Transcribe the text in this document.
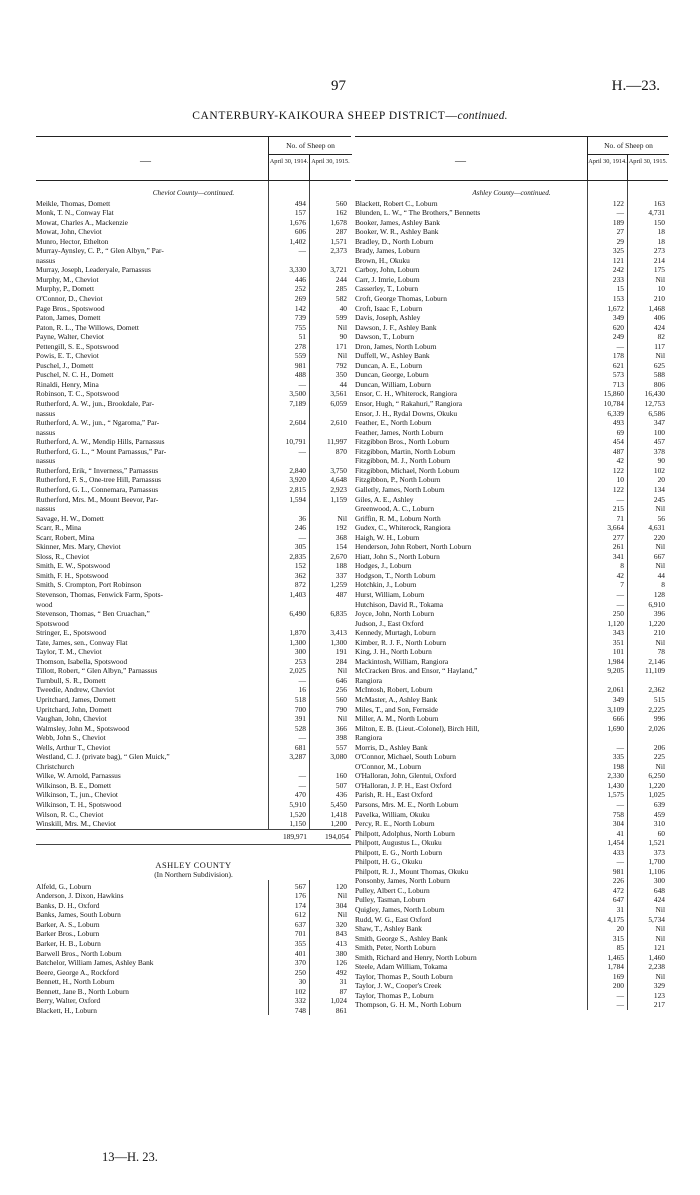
97	H.—23.
CANTERBURY-KAIKOURA SHEEP DISTRICT—continued.
—
No. of Sheep on
April 30, 1914. April 30, 1915.
Cheviot County—continued.
Meikle, Thomas, Domett	494	560
Monk, T. N., Conway Flat	157	162
Mowat, Charles A., Mackenzie	1,676	1,678
Mowat, John, Cheviot	606	287
Munro, Hector, Ethelton	1,402	1,571
Murray-Aynsley, C. P., “ Glen Albyn,” Par-	—	2,373
nassus
Murray, Joseph, Leaderyale, Parnassus	3,330	3,721
Murphy, M., Cheviot	446	244
Murphy, P., Domett	252	285
O'Connor, D., Cheviot	269	582
Page Bros., Spotswood	142	40
Paton, James, Domett	739	599
Paton, R. L., The Willows, Domett	755	Nil
Payne, Walter, Cheviot	51	90
Pettengill, S. E., Spotswood	278	171
Powis, E. T., Cheviot	559	Nil
Puschel, J., Domett	981	792
Puschel, N. C. H., Domett	488	350
Rinaldi, Henry, Mina	—	44
Robinson, T. C., Spotswood	3,500	3,561
Rutherford, A. W., jun., Brookdale, Par-	7,189	6,059
nassus
Rutherford, A. W., jun., “ Ngaroma,” Par-	2,604	2,610
nassus
Rutherford, A. W., Mendip Hills, Parnassus	10,791	11,997
Rutherford, G. L., “ Mount Parnassus,” Par-	—	870
nassus
Rutherford, Erik, “ Inverness,” Parnassus	2,840	3,750
Rutherford, F. S., One-tree Hill, Parnassus	3,920	4,648
Rutherford, G. L., Connemara, Parnassus	2,815	2,923
Rutherford, Mrs. M., Mount Beevor, Par-	1,594	1,159
nassus
Savage, H. W., Domett	36	Nil
Scarr, R., Mina	246	192
Scarr, Robert, Mina	—	368
Skinner, Mrs. Mary, Cheviot	305	154
Sloss, R., Cheviot	2,835	2,670
Smith, E. W., Spotswood	152	188
Smith, F. H., Spotswood	362	337
Smith, S. Crompton, Port Robinson	872	1,259
Stevenson, Thomas, Fenwick Farm, Spots-	1,403	487
wood
Stevenson, Thomas, “ Ben Cruachan,”	6,490	6,835
Spotswood
Stringer, E., Spotswood	1,870	3,413
Tate, James, sen., Conway Flat	1,300	1,300
Taylor, T. M., Cheviot	300	191
Thomson, Isabella, Spotswood	253	284
Tillott, Robert, “ Glen Albyn,” Parnassus	2,025	Nil
Turnbull, S. R., Domett	—	646
Tweedie, Andrew, Cheviot	16	256
Upritchard, James, Domett	518	560
Upritchard, John, Domett	700	790
Vaughan, John, Cheviot	391	Nil
Walmsley, John M., Spotswood	528	366
Webb, John S., Cheviot	—	398
Wells, Arthur T., Cheviot	681	557
Westland, C. J. (private bag), “ Glen Muick,”	3,287	3,080
Christchurch
Wilke, W. Arnold, Parnassus	—	160
Wilkinson, B. E., Domett	—	507
Wilkinson, T., jun., Cheviot	470	436
Wilkinson, T. H., Spotswood	5,910	5,450
Wilson, R. C., Cheviot	1,520	1,418
Winskill, Mrs. M., Cheviot	1,150	1,200
189,971	194,054
ASHLEY COUNTY
(In Northern Subdivision).
Alfeld, G., Loburn	567	120
Anderson, J. Dixon, Hawkins	176	Nil
Banks, D. H., Oxford	174	304
Banks, James, South Loburn	612	Nil
Barker, A. S., Loburn	637	320
Barker Bros., Loburn	701	843
Barker, H. B., Loburn	355	413
Barwell Bros., North Loburn	401	380
Batchelor, William James, Ashley Bank	370	126
Beere, George A., Rockford	250	492
Bennett, H., North Loburn	30	31
Bennett, Jane B., North Loburn	102	87
Berry, Walter, Oxford	332	1,024
Blackett, H., Loburn	748	861
—
No. of Sheep on
April 30, 1914. April 30, 1915.
Ashley County—continued.
Blackett, Robert C., Loburn	122	163
Blunden, L. W., “ The Brothers,” Bennetts	—	4,731
Booker, James, Ashley Bank	189	150
Booker, W. R., Ashley Bank	27	18
Bradley, D., North Loburn	29	18
Brady, James, Loburn	325	273
Brown, H., Okuku	121	214
Carboy, John, Loburn	242	175
Carr, J. Imrie, Loburn	233	Nil
Casserley, T., Loburn	15	10
Croft, George Thomas, Loburn	153	210
Croft, Isaac F., Loburn	1,672	1,468
Davis, Joseph, Ashley	349	406
Dawson, J. F., Ashley Bank	620	424
Dawson, T., Loburn	249	82
Dron, James, North Loburn	—	117
Duffell, W., Ashley Bank	178	Nil
Duncan, A. E., Loburn	621	625
Duncan, George, Loburn	573	588
Duncan, William, Loburn	713	806
Ensor, C. H., Whiterock, Rangiora	15,860	16,430
Ensor, Hugh, “ Rakahuri,” Rangiora	10,784	12,753
Ensor, J. H., Rydal Downs, Okuku	6,339	6,586
Feather, E., North Loburn	493	347
Feather, James, North Loburn	69	100
Fitzgibbon Bros., North Loburn	454	457
Fitzgibbon, Martin, North Loburn	487	378
Fitzgibbon, M. J., North Loburn	42	90
Fitzgibbon, Michael, North Loburn	122	102
Fitzgibbon, P., North Loburn	10	20
Galletly, James, North Loburn	122	134
Giles, A. E., Ashley	—	245
Greenwood, A. C., Loburn	215	Nil
Griffin, R. M., Loburn North	71	56
Gudex, C., Whiterock, Rangiora	3,664	4,631
Haigh, W. H., Loburn	277	220
Henderson, John Robert, North Loburn	261	Nil
Hiatt, John S., North Loburn	341	667
Hodges, J., Loburn	8	Nil
Hodgson, T., North Loburn	42	44
Hotchkin, J., Loburn	7	8
Hurst, William, Loburn	—	128
Hutchison, David R., Tokama	—	6,910
Joyce, John, North Loburn	250	396
Judson, J., East Oxford	1,120	1,220
Kennedy, Murtagh, Loburn	343	210
Kimber, R. J. F., North Loburn	351	Nil
King, J. H., North Loburn	101	78
Mackintosh, William, Rangiora	1,984	2,146
McCracken Bros. and Ensor, “ Hayland,”	9,205	11,109
Rangiora
McIntosh, Robert, Loburn	2,061	2,362
McMaster, A., Ashley Bank	349	515
Miles, T., and Son, Fernside	3,109	2,225
Miller, A. M., North Loburn	666	996
Milton, E. B. (Lieut.-Colonel), Birch Hill,	1,690	2,026
Rangiora
Morris, D., Ashley Bank	—	206
O'Connor, Michael, South Loburn	335	225
O'Connor, M., Loburn	198	Nil
O'Halloran, John, Glentui, Oxford	2,330	6,250
O'Halloran, J. P. H., East Oxford	1,430	1,220
Parish, R. H., East Oxford	1,575	1,025
Parsons, Mrs. M. E., North Loburn	—	639
Pavelka, William, Okuku	758	459
Percy, R. E., North Loburn	304	310
Philpott, Adolphus, North Loburn	41	60
Philpott, Augustus L., Okuku	1,454	1,521
Philpott, E. G., North Loburn	433	373
Philpott, H. G., Okuku	—	1,700
Philpott, R. J., Mount Thomas, Okuku	981	1,106
Ponsonby, James, North Loburn	226	300
Pulley, Albert C., Loburn	472	648
Pulley, Tasman, Loburn	647	424
Quigley, James, North Loburn	31	Nil
Rudd, W. G., East Oxford	4,175	5,734
Shaw, T., Ashley Bank	20	Nil
Smith, George S., Ashley Bank	315	Nil
Smith, Peter, North Loburn	85	121
Smith, Richard and Henry, North Loburn	1,465	1,460
Steele, Adam William, Tokama	1,784	2,238
Taylor, Thomas P., South Loburn	169	Nil
Taylor, J. W., Cooper's Creek	200	329
Taylor, Thomas P., Loburn	—	123
Thompson, G. H. M., North Loburn	—	217
13—H. 23.
